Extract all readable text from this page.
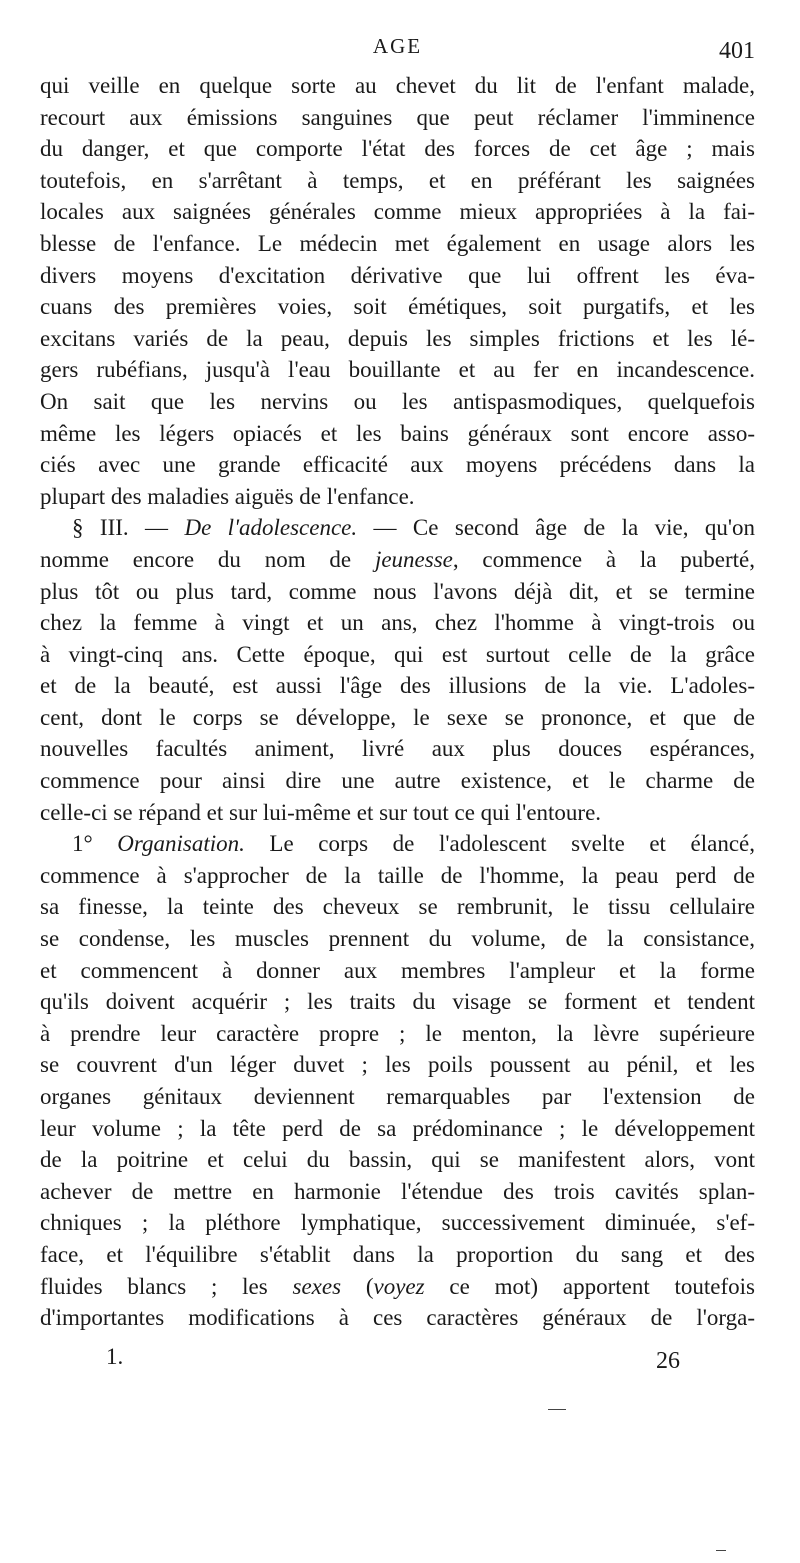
AGE	401
qui veille en quelque sorte au chevet du lit de l'enfant malade,
recourt aux émissions sanguines que peut réclamer l'imminence
du danger, et que comporte l'état des forces de cet âge ; mais
toutefois, en s'arrêtant à temps, et en préférant les saignées
locales aux saignées générales comme mieux appropriées à la fai-
blesse de l'enfance. Le médecin met également en usage alors les
divers moyens d'excitation dérivative que lui offrent les éva-
cuans des premières voies, soit émétiques, soit purgatifs, et les
excitans variés de la peau, depuis les simples frictions et les lé-
gers rubéfians, jusqu'à l'eau bouillante et au fer en incandescence.
On sait que les nervins ou les antispasmodiques, quelquefois
même les légers opiacés et les bains généraux sont encore asso-
ciés avec une grande efficacité aux moyens précédens dans la
plupart des maladies aiguës de l'enfance.
§ III. — De l'adolescence. — Ce second âge de la vie, qu'on
nomme encore du nom de jeunesse, commence à la puberté,
plus tôt ou plus tard, comme nous l'avons déjà dit, et se termine
chez la femme à vingt et un ans, chez l'homme à vingt-trois ou
à vingt-cinq ans. Cette époque, qui est surtout celle de la grâce
et de la beauté, est aussi l'âge des illusions de la vie. L'adoles-
cent, dont le corps se développe, le sexe se prononce, et que de
nouvelles facultés animent, livré aux plus douces espérances,
commence pour ainsi dire une autre existence, et le charme de
celle-ci se répand et sur lui-même et sur tout ce qui l'entoure.
1° Organisation. Le corps de l'adolescent svelte et élancé,
commence à s'approcher de la taille de l'homme, la peau perd de
sa finesse, la teinte des cheveux se rembrunit, le tissu cellulaire
se condense, les muscles prennent du volume, de la consistance,
et commencent à donner aux membres l'ampleur et la forme
qu'ils doivent acquérir ; les traits du visage se forment et tendent
à prendre leur caractère propre ; le menton, la lèvre supérieure
se couvrent d'un léger duvet ; les poils poussent au pénil, et les
organes génitaux deviennent remarquables par l'extension de
leur volume ; la tête perd de sa prédominance ; le développement
de la poitrine et celui du bassin, qui se manifestent alors, vont
achever de mettre en harmonie l'étendue des trois cavités splan-
chniques ; la pléthore lymphatique, successivement diminuée, s'ef-
face, et l'équilibre s'établit dans la proportion du sang et des
fluides blancs ; les sexes (voyez ce mot) apportent toutefois
d'importantes modifications à ces caractères généraux de l'orga-
1.	26
